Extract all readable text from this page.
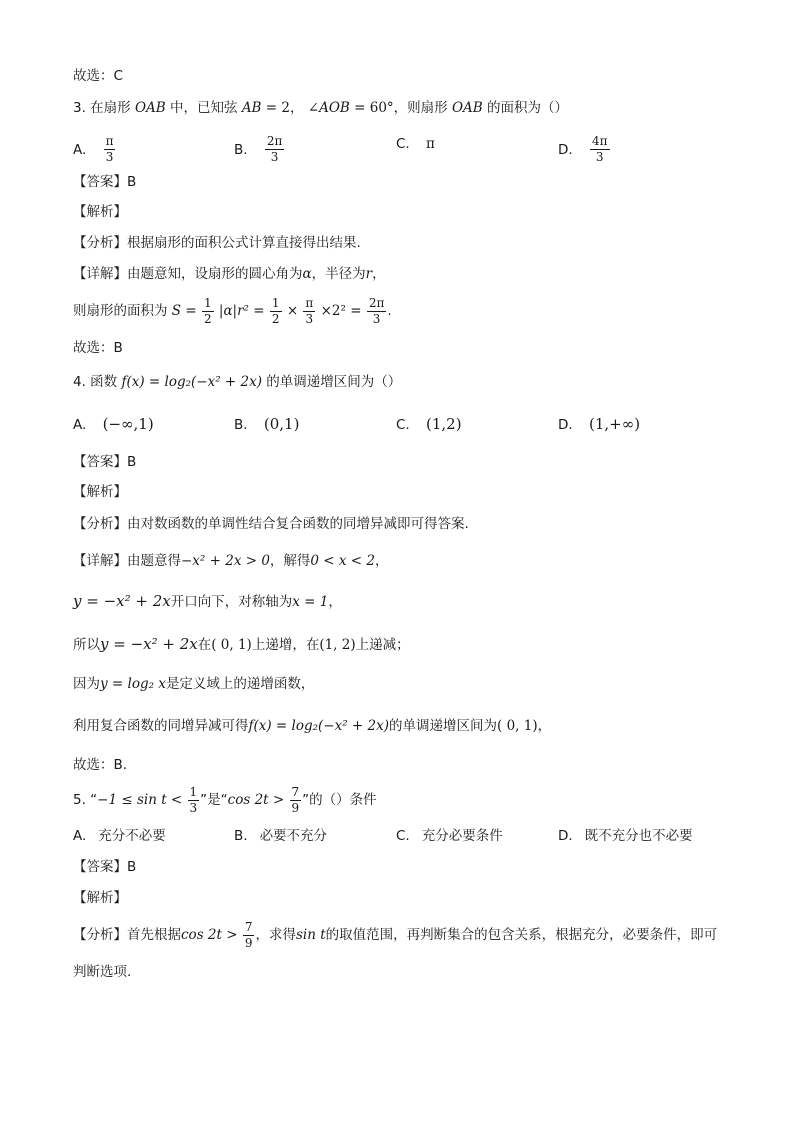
故选：C
3. 在扇形 OAB 中，已知弦 AB = 2， ∠AOB = 60°，则扇形 OAB 的面积为（）
A. $\frac{\pi}{3}$	B. $\frac{2\pi}{3}$	C. π	D. $\frac{4\pi}{3}$
【答案】B
【解析】
【分析】根据扇形的面积公式计算直接得出结果.
【详解】由题意知，设扇形的圆心角为α，半径为r，
则扇形的面积为 $S = \frac{1}{2} |\alpha|r^2 = \frac{1}{2} \times \frac{\pi}{3} \times 2^2 = \frac{2\pi}{3}$ .
故选：B
4. 函数 f(x) = log₂(−x² + 2x) 的单调递增区间为（）
A. (−∞,1)	B. (0,1)	C. (1,2)	D. (1,+∞)
【答案】B
【解析】
【分析】由对数函数的单调性结合复合函数的同增异减即可得答案.
【详解】由题意得−x² + 2x > 0，解得0 < x < 2，
y = −x² + 2x开口向下，对称轴为x = 1，
所以y = −x² + 2x在( 0, 1)上递增，在(1, 2)上递减；
因为y = log₂ x是定义域上的递增函数，
利用复合函数的同增异减可得f(x) = log₂(−x² + 2x)的单调递增区间为( 0, 1)，
故选：B.
5. “$-1 \le \sin t < \frac{1}{3}$ ”是“cos $2t > \frac{7}{9}$ ”的（）条件
A. 充分不必要	B. 必要不充分	C. 充分必要条件	D. 既不充分也不必要
【答案】B
【解析】
【分析】首先根据$\cos 2t > \frac{7}{9}$ ，求得sin t的取值范围，再判断集合的包含关系，根据充分，必要条件，即可
判断选项.
